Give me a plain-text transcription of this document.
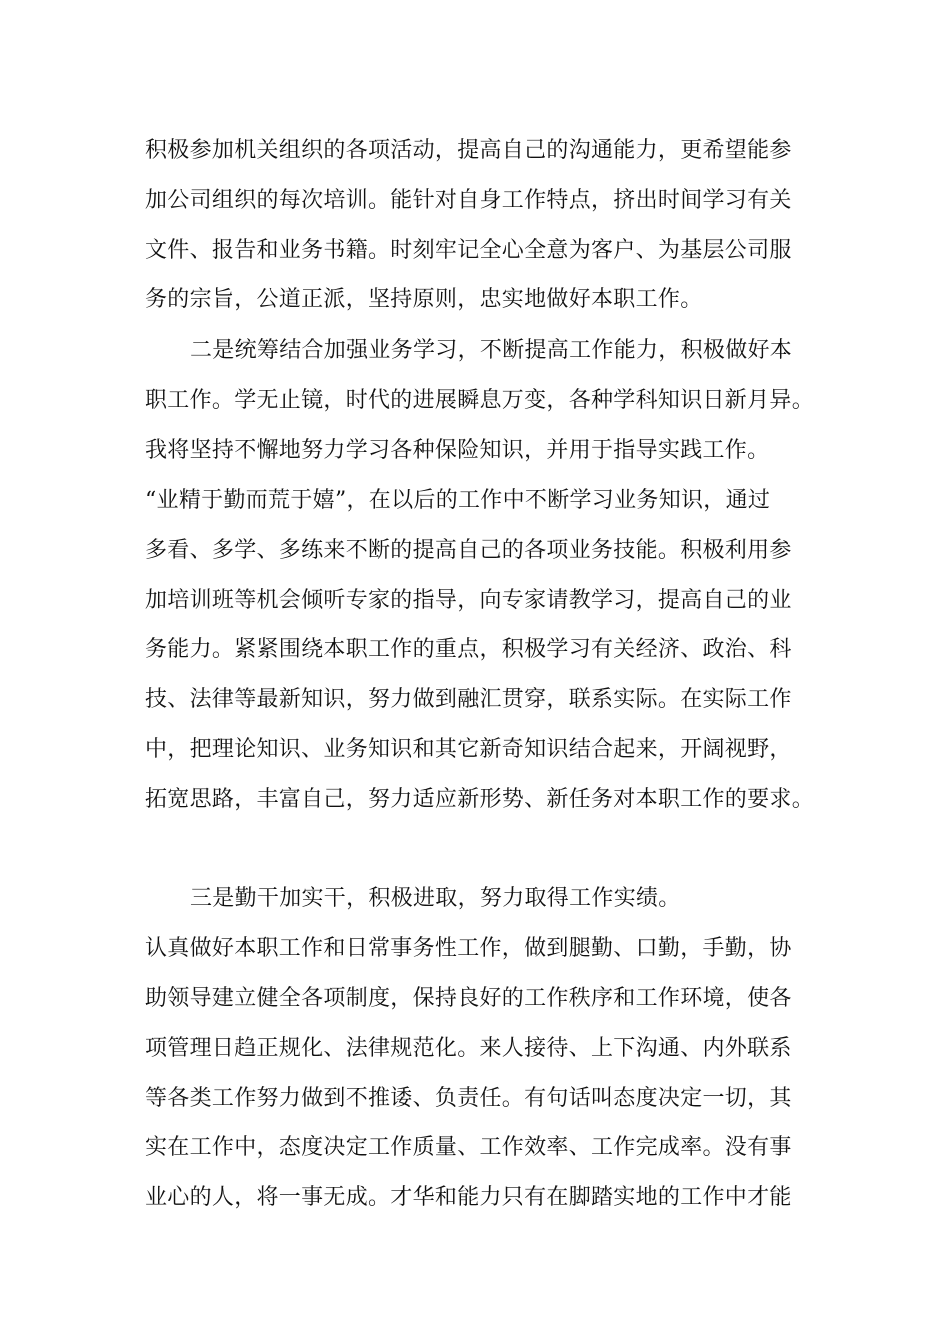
积极参加机关组织的各项活动，提高自己的沟通能力，更希望能参
加公司组织的每次培训。能针对自身工作特点，挤出时间学习有关
文件、报告和业务书籍。时刻牢记全心全意为客户、为基层公司服
务的宗旨，公道正派，坚持原则，忠实地做好本职工作。
二是统筹结合加强业务学习，不断提高工作能力，积极做好本
职工作。学无止镜，时代的进展瞬息万变，各种学科知识日新月异。
我将坚持不懈地努力学习各种保险知识，并用于指导实践工作。
“业精于勤而荒于嬉”，在以后的工作中不断学习业务知识，通过
多看、多学、多练来不断的提高自己的各项业务技能。积极利用参
加培训班等机会倾听专家的指导，向专家请教学习，提高自己的业
务能力。紧紧围绕本职工作的重点，积极学习有关经济、政治、科
技、法律等最新知识，努力做到融汇贯穿，联系实际。在实际工作
中，把理论知识、业务知识和其它新奇知识结合起来，开阔视野，
拓宽思路，丰富自己，努力适应新形势、新任务对本职工作的要求。
三是勤干加实干，积极进取，努力取得工作实绩。
认真做好本职工作和日常事务性工作，做到腿勤、口勤，手勤，协
助领导建立健全各项制度，保持良好的工作秩序和工作环境，使各
项管理日趋正规化、法律规范化。来人接待、上下沟通、内外联系
等各类工作努力做到不推诿、负责任。有句话叫态度决定一切，其
实在工作中，态度决定工作质量、工作效率、工作完成率。没有事
业心的人，将一事无成。才华和能力只有在脚踏实地的工作中才能
